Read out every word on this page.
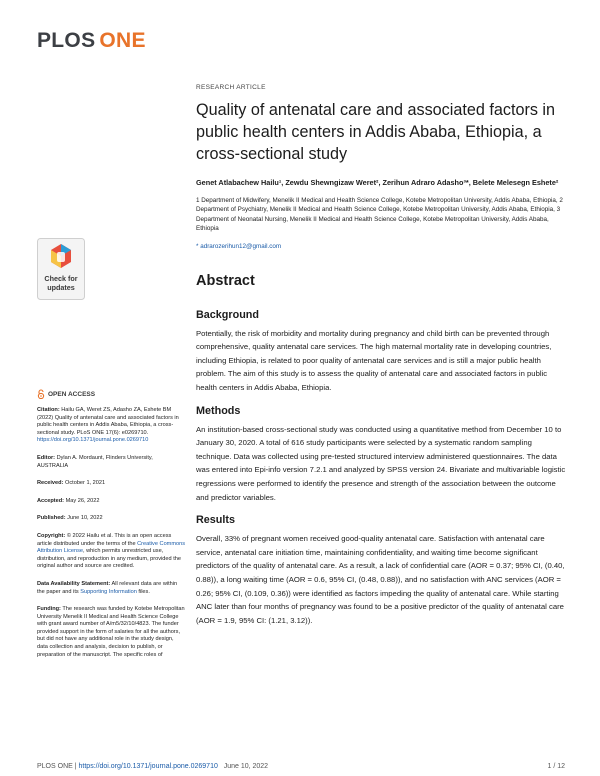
PLOS ONE
Check for
updates
OPEN ACCESS

Citation: Hailu GA, Weret ZS, Adasho ZA, Eshete BM (2022) Quality of antenatal care and associated factors in public health centers in Addis Ababa, Ethiopia, a cross-sectional study. PLoS ONE 17(6): e0269710. https://doi.org/10.1371/journal.pone.0269710

Editor: Dylan A. Mordaunt, Flinders University, AUSTRALIA

Received: October 1, 2021

Accepted: May 26, 2022

Published: June 10, 2022

Copyright: © 2022 Hailu et al. This is an open access article distributed under the terms of the Creative Commons Attribution License, which permits unrestricted use, distribution, and reproduction in any medium, provided the original author and source are credited.

Data Availability Statement: All relevant data are within the paper and its Supporting Information files.

Funding: The research was funded by Kotebe Metropolitan University Menelik II Medical and Health Science College with grant award number of A/m5/32/10/4823. The funder provided support in the form of salaries for all the authors, but did not have any additional role in the study design, data collection and analysis, decision to publish, or preparation of the manuscript. The specific roles of

RESEARCH ARTICLE
Quality of antenatal care and associated factors in public health centers in Addis Ababa, Ethiopia, a cross-sectional study
Genet Atlabachew Hailu¹, Zewdu Shewngizaw Weret², Zerihun Adraro Adasho³*, Belete Melesegn Eshete²
1 Department of Midwifery, Menelik II Medical and Health Science College, Kotebe Metropolitan University, Addis Ababa, Ethiopia, 2 Department of Psychiatry, Menelik II Medical and Health Science College, Kotebe Metropolitan University, Addis Ababa, Ethiopia, 3 Department of Neonatal Nursing, Menelik II Medical and Health Science College, Kotebe Metropolitan University, Addis Ababa, Ethiopia
* adrarozerihun12@gmail.com
Abstract
Background

Potentially, the risk of morbidity and mortality during pregnancy and child birth can be prevented through comprehensive, quality antenatal care services. The high maternal mortality rate in developing countries, including Ethiopia, is related to poor quality of antenatal care services and is still a major public health problem. The aim of this study is to assess the quality of antenatal care and associated factors in public health centers in Addis Ababa, Ethiopia.

Methods

An institution-based cross-sectional study was conducted using a quantitative method from December 10 to January 30, 2020. A total of 616 study participants were selected by a systematic random sampling technique. Data was collected using pre-tested structured interview administered questionnaires. The data was entered into Epi-info version 7.2.1 and analyzed by SPSS version 24. Bivariate and multivariable logistic regressions were performed to identify the presence and strength of the association between the outcome and predictor variables.

Results

Overall, 33% of pregnant women received good-quality antenatal care. Satisfaction with antenatal care service, antenatal care initiation time, maintaining confidentiality, and waiting time become significant predictors of the quality of antenatal care. As a result, a lack of confidential care (AOR = 0.37; 95% CI, (0.40, 0.88)), a long waiting time (AOR = 0.6, 95% CI, (0.48, 0.88)), and no satisfaction with ANC services (AOR = 0.26; 95% CI, (0.109, 0.36)) were identified as factors impeding the quality of antenatal care. While starting ANC later than four months of pregnancy was found to be a positive predictor of the quality of antenatal care (AOR = 1.9, 95% CI: (1.21, 3.12)).

PLOS ONE | https://doi.org/10.1371/journal.pone.0269710 June 10, 2022	1 / 12
